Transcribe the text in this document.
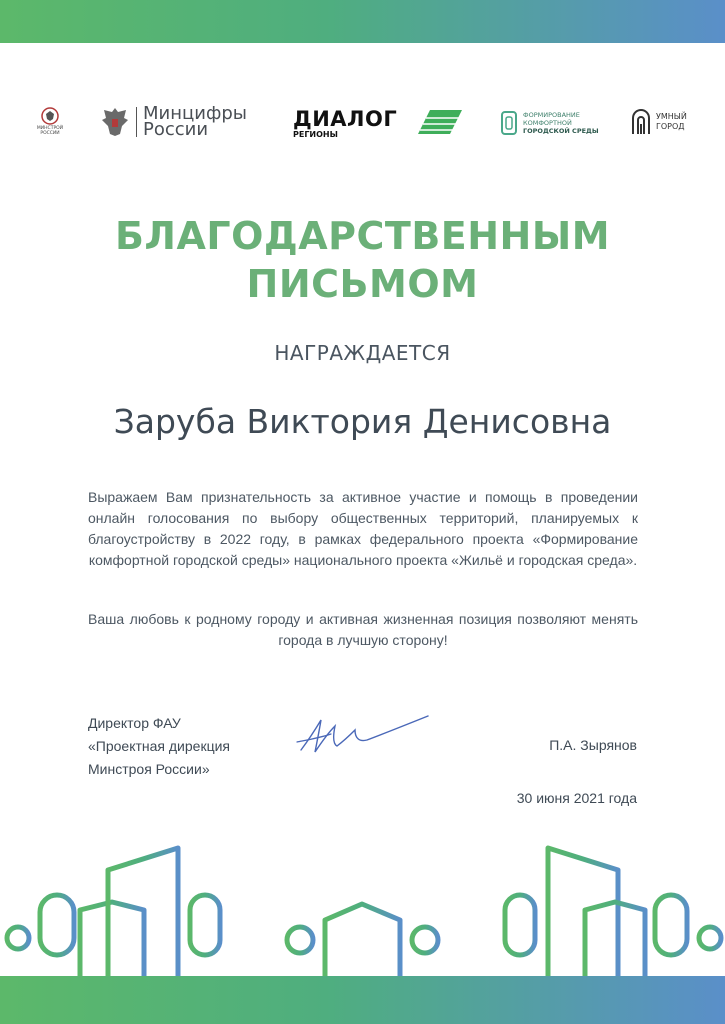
МИНСТРОЙ РОССИИ
Минцифры
России	ДИАЛОГ
РЕГИОНЫ
ФОРМИРОВАНИЕ
КОМФОРТНОЙ
ГОРОДСКОЙ СРЕДЫ
УМНЫЙ
ГОРОД
БЛАГОДАРСТВЕННЫМ
ПИСЬМОМ
НАГРАЖДАЕТСЯ
Заруба Виктория Денисовна
Выражаем Вам признательность за активное участие и помощь в проведении онлайн голосования по выбору общественных территорий, планируемых к благоустройству в 2022 году, в рамках федерального проекта «Формирование комфортной городской среды» национального проекта «Жильё и городская среда».
Ваша любовь к родному городу и активная жизненная позиция позволяют менять города в лучшую сторону!
Директор ФАУ
«Проектная дирекция
Минстроя России»
П.А. Зырянов
30 июня 2021 года
